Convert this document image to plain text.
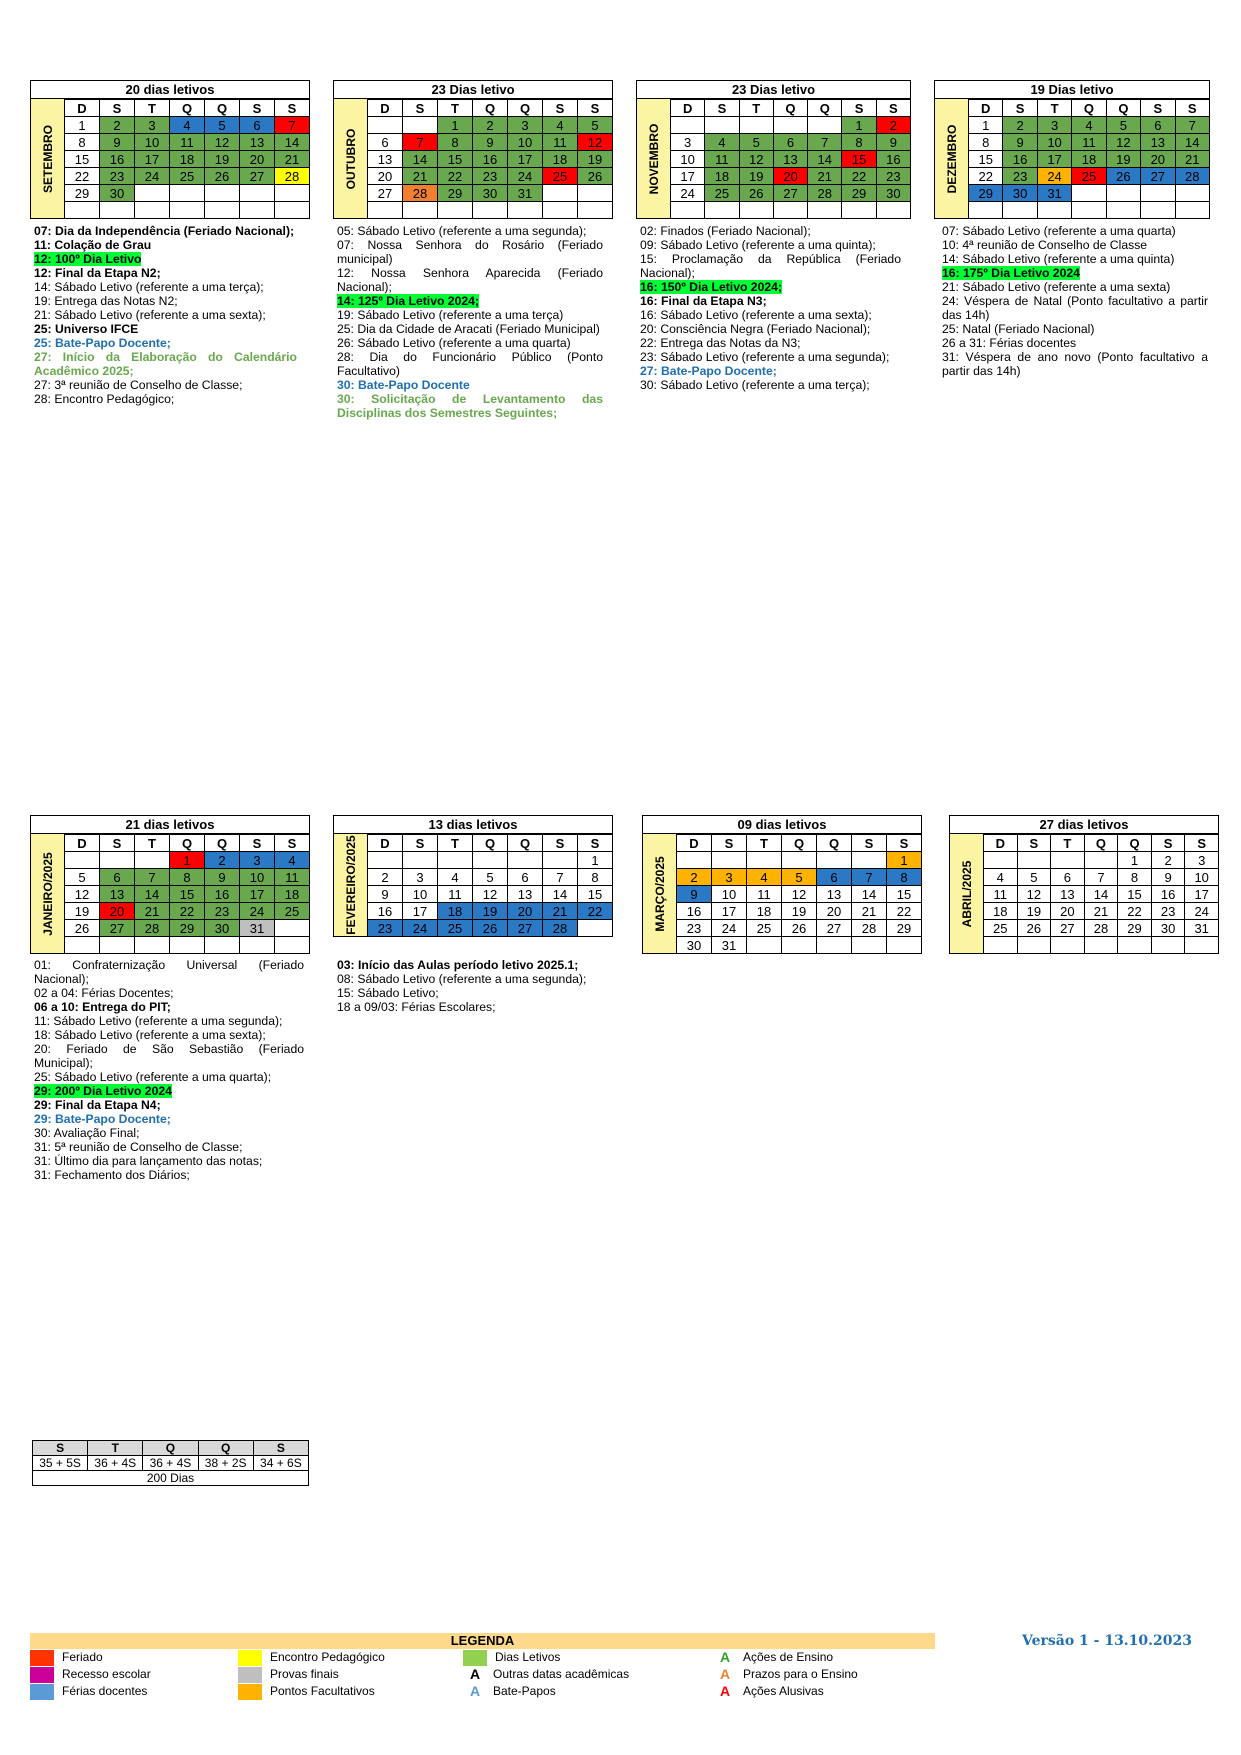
20 dias letivos
SETEMBRO
D	S	T	Q	Q	S	S
1	2	3	4	5	6	7
8	9	10	11	12	13	14
15	16	17	18	19	20	21
22	23	24	25	26	27	28
29	30					

23 Dias letivo
OUTUBRO
D	S	T	Q	Q	S	S
		1	2	3	4	5
6	7	8	9	10	11	12
13	14	15	16	17	18	19
20	21	22	23	24	25	26
27	28	29	30	31		

23 Dias letivo
NOVEMBRO
D	S	T	Q	Q	S	S
					1	2
3	4	5	6	7	8	9
10	11	12	13	14	15	16
17	18	19	20	21	22	23
24	25	26	27	28	29	30

19 Dias letivo
DEZEMBRO
D	S	T	Q	Q	S	S
1	2	3	4	5	6	7
8	9	10	11	12	13	14
15	16	17	18	19	20	21
22	23	24	25	26	27	28
29	30	31				

07: Dia da Independência (Feriado Nacional);
11: Colação de Grau
12: 100º Dia Letivo
12: Final da Etapa N2;
14: Sábado Letivo (referente a uma terça);
19: Entrega das Notas N2;
21: Sábado Letivo (referente a uma sexta);
25: Universo IFCE
25: Bate-Papo Docente;
27: Início da Elaboração do Calendário Acadêmico 2025;
27: 3ª reunião de Conselho de Classe;
28: Encontro Pedagógico;
05: Sábado Letivo (referente a uma segunda);
07: Nossa Senhora do Rosário (Feriado municipal)
12: Nossa Senhora Aparecida (Feriado Nacional);
14: 125º Dia Letivo 2024;
19: Sábado Letivo (referente a uma terça)
25: Dia da Cidade de Aracati (Feriado Municipal)
26: Sábado Letivo (referente a uma quarta)
28: Dia do Funcionário Público (Ponto Facultativo)
30: Bate-Papo Docente
30: Solicitação de Levantamento das Disciplinas dos Semestres Seguintes;
02: Finados (Feriado Nacional);
09: Sábado Letivo (referente a uma quinta);
15: Proclamação da República (Feriado Nacional);
16: 150º Dia Letivo 2024;
16: Final da Etapa N3;
16: Sábado Letivo (referente a uma sexta);
20: Consciência Negra (Feriado Nacional);
22: Entrega das Notas da N3;
23: Sábado Letivo (referente a uma segunda);
27: Bate-Papo Docente;
30: Sábado Letivo (referente a uma terça);
07: Sábado Letivo (referente a uma quarta)
10: 4ª reunião de Conselho de Classe
14: Sábado Letivo (referente a uma quinta)
16: 175º Dia Letivo 2024
21: Sábado Letivo (referente a uma sexta)
24: Véspera de Natal (Ponto facultativo a partir das 14h)
25: Natal (Feriado Nacional)
26 a 31: Férias docentes
31: Véspera de ano novo (Ponto facultativo a partir das 14h)
21 dias letivos
JANEIRO/2025
D	S	T	Q	Q	S	S
			1	2	3	4
5	6	7	8	9	10	11
12	13	14	15	16	17	18
19	20	21	22	23	24	25
26	27	28	29	30	31	

13 dias letivos
FEVEREIRO/2025 D	S	T	Q	Q	S	S
						1
2	3	4	5	6	7	8
9	10	11	12	13	14	15
16	17	18	19	20	21	22
23	24	25	26	27	28	
09 dias letivos
MARÇO/2025
D	S	T	Q	Q	S	S
						1
2	3	4	5	6	7	8
9	10	11	12	13	14	15
16	17	18	19	20	21	22
23	24	25	26	27	28	29
30	31					
27 dias letivos
ABRIL/2025
D	S	T	Q	Q	S	S
				1	2	3
4	5	6	7	8	9	10
11	12	13	14	15	16	17
18	19	20	21	22	23	24
25	26	27	28	29	30	31

01: Confraternização Universal (Feriado Nacional);
02 a 04: Férias Docentes;
06 a 10: Entrega do PIT;
11: Sábado Letivo (referente a uma segunda);
18: Sábado Letivo (referente a uma sexta);
20: Feriado de São Sebastião (Feriado Municipal);
25: Sábado Letivo (referente a uma quarta);
29: 200º Dia Letivo 2024
29: Final da Etapa N4;
29: Bate-Papo Docente;
30: Avaliação Final;
31: 5ª reunião de Conselho de Classe;
31: Último dia para lançamento das notas;
31: Fechamento dos Diários;
03: Início das Aulas período letivo 2025.1;
08: Sábado Letivo (referente a uma segunda);
15: Sábado Letivo;
18 a 09/03: Férias Escolares;
S	T	Q	Q	S
35 + 5S	36 + 4S	36 + 4S	38 + 2S	34 + 6S
200 Dias				
LEGENDA
Feriado	Encontro Pedagógico	Dias Letivos	A	Ações de Ensino
Recesso escolar	Provas finais	A	Outras datas acadêmicas	A	Prazos para o Ensino
Férias docentes	Pontos Facultativos	A	Bate-Papos	A	Ações Alusivas
Versão 1 - 13.10.2023
